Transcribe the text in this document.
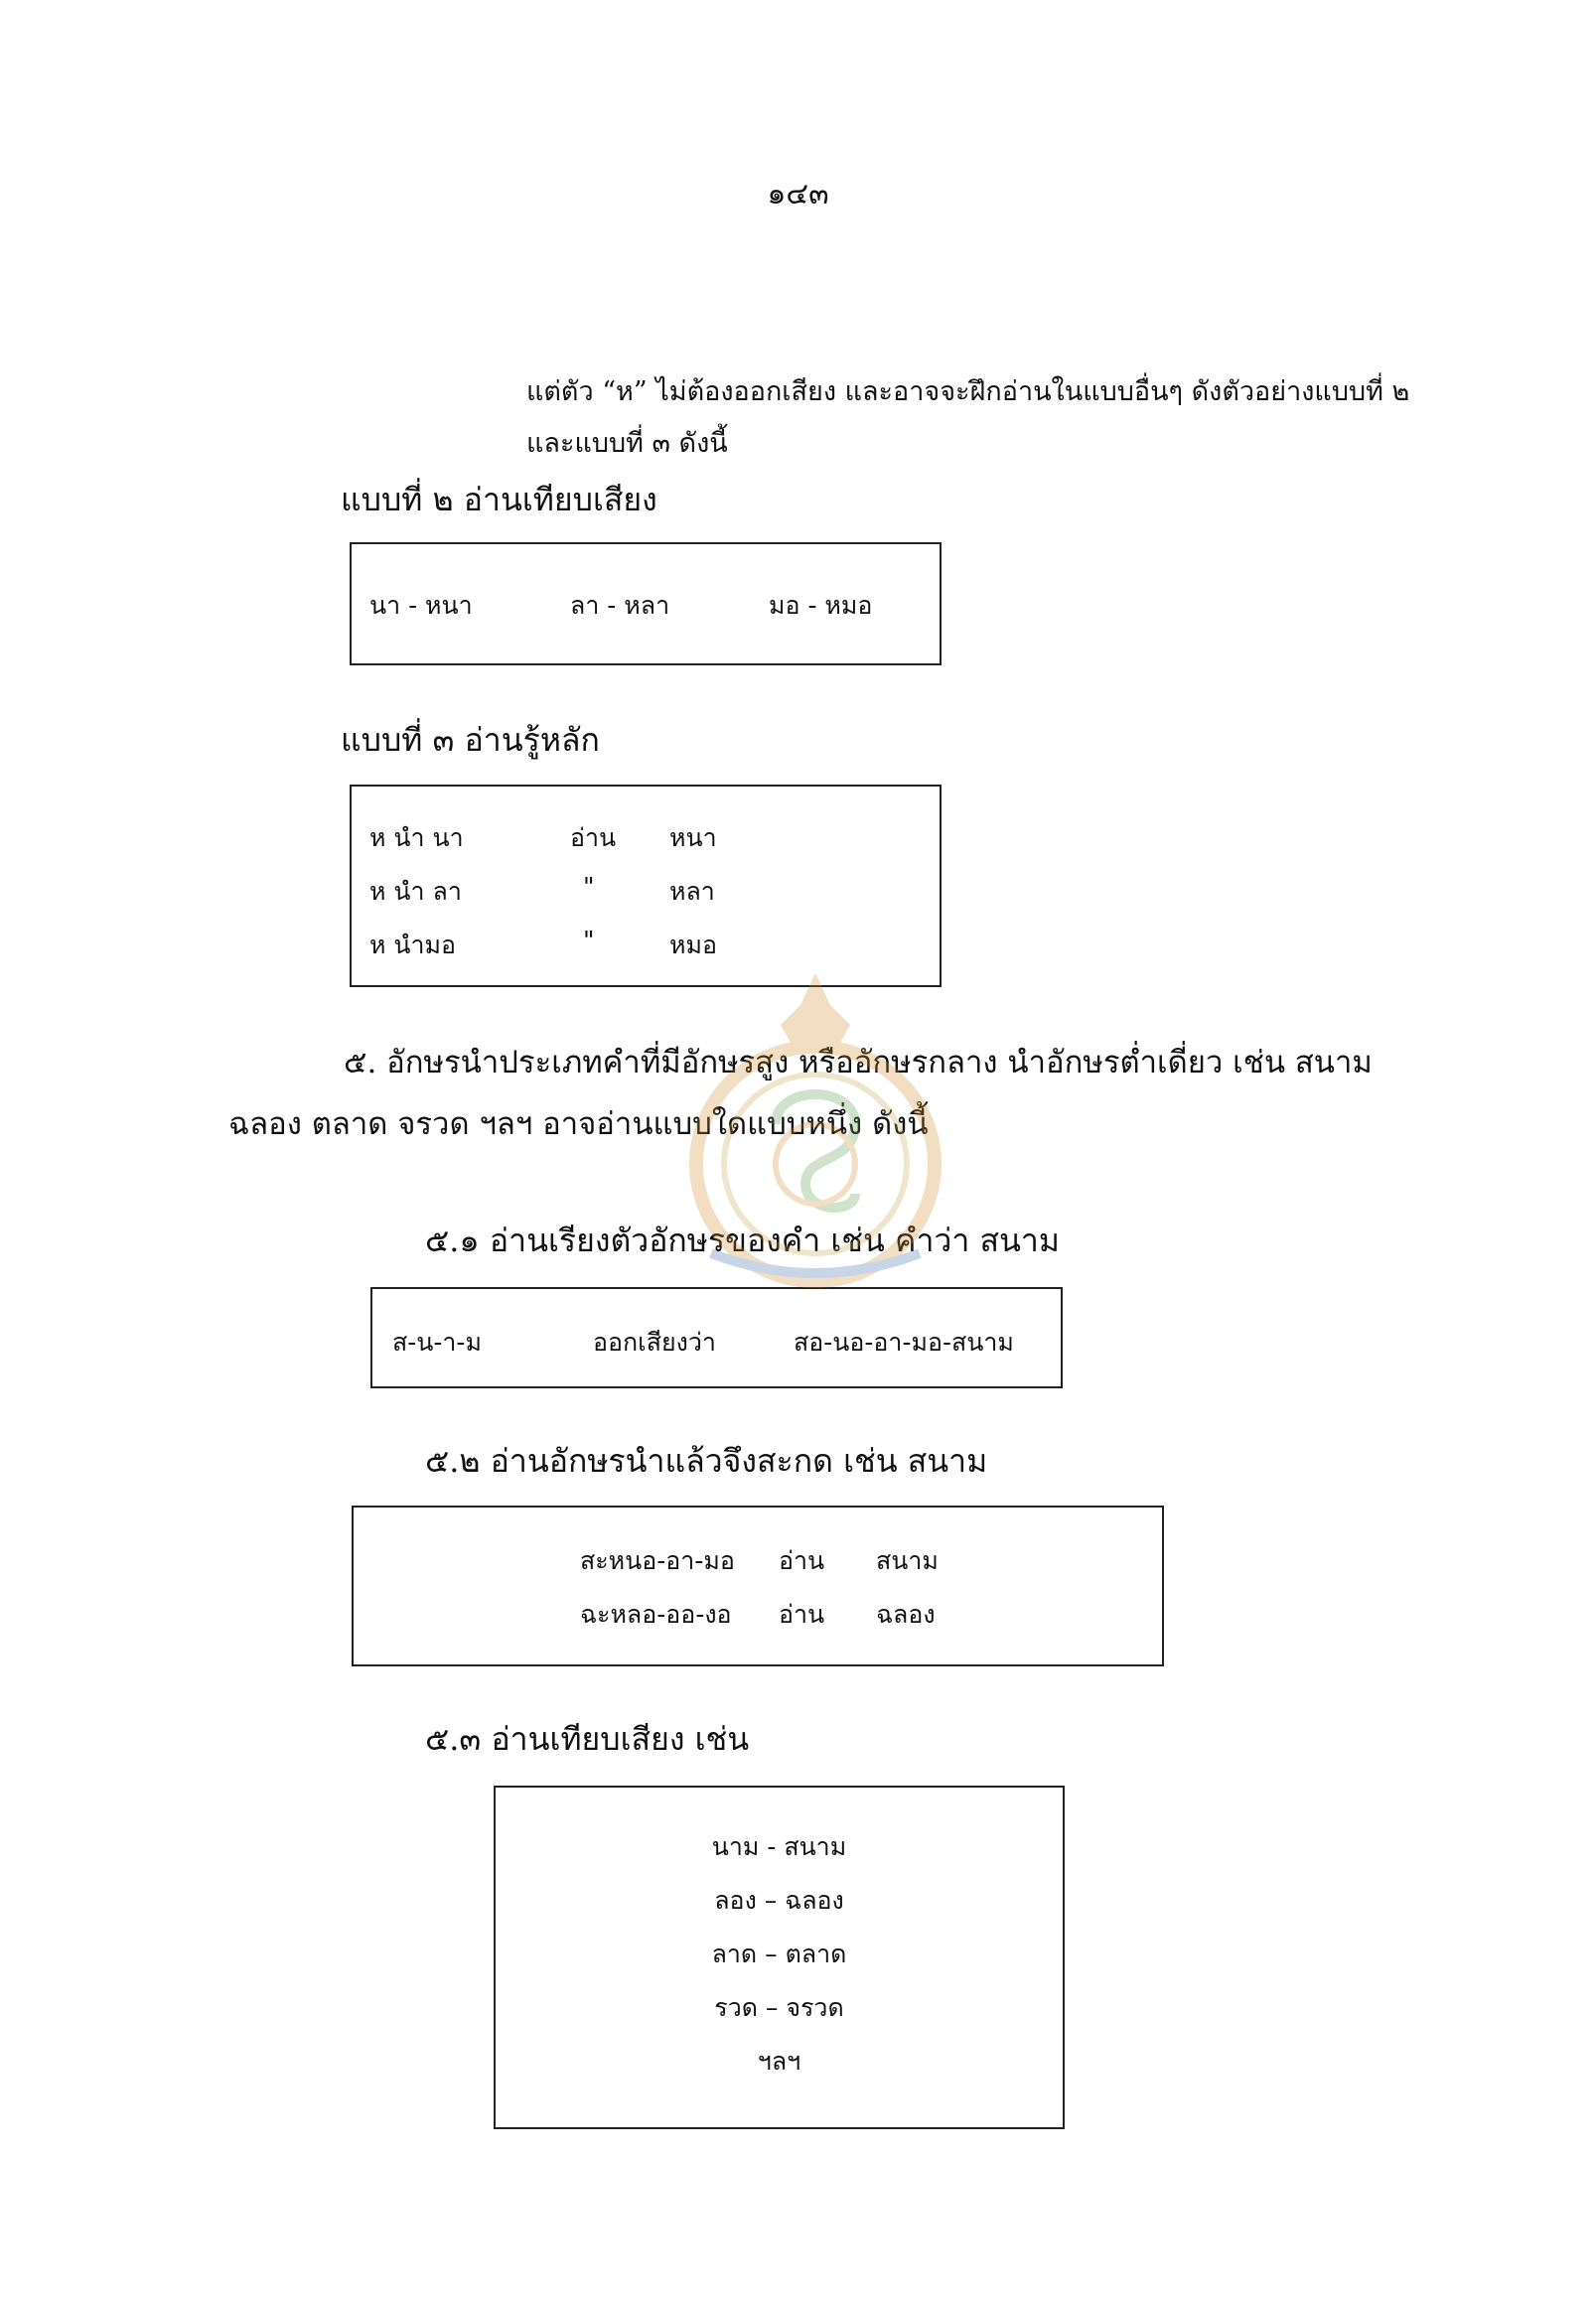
๑๔๓
แต่ตัว “ห” ไม่ต้องออกเสียง และอาจจะฝึกอ่านในแบบอื่นๆ ดังตัวอย่างแบบที่ ๒
และแบบที่ ๓ ดังนี้
แบบที่ ๒ อ่านเทียบเสียง
นา - หนา	ลา - หลา	มอ - หมอ
แบบที่ ๓ อ่านรู้หลัก
ห นำ นา	อ่าน หนา
ห นำ ลา	"	หลา
ห นำมอ	"	หมอ
๕. อักษรนำประเภทคำที่มีอักษรสูง หรืออักษรกลาง นำอักษรต่ำเดี่ยว เช่น สนาม
ฉลอง ตลาด จรวด ฯลฯ อาจอ่านแบบใดแบบหนึ่ง ดังนี้
๕.๑ อ่านเรียงตัวอักษรของคำ เช่น คำว่า สนาม
ส-น-า-ม	ออกเสียงว่า	สอ-นอ-อา-มอ-สนาม
๕.๒ อ่านอักษรนำแล้วจึงสะกด เช่น สนาม
สะหนอ-อา-มอ อ่าน สนาม
ฉะหลอ-ออ-งอ อ่าน ฉลอง
๕.๓ อ่านเทียบเสียง เช่น
นาม - สนาม
ลอง – ฉลอง
ลาด – ตลาด
รวด – จรวด
ฯลฯ
